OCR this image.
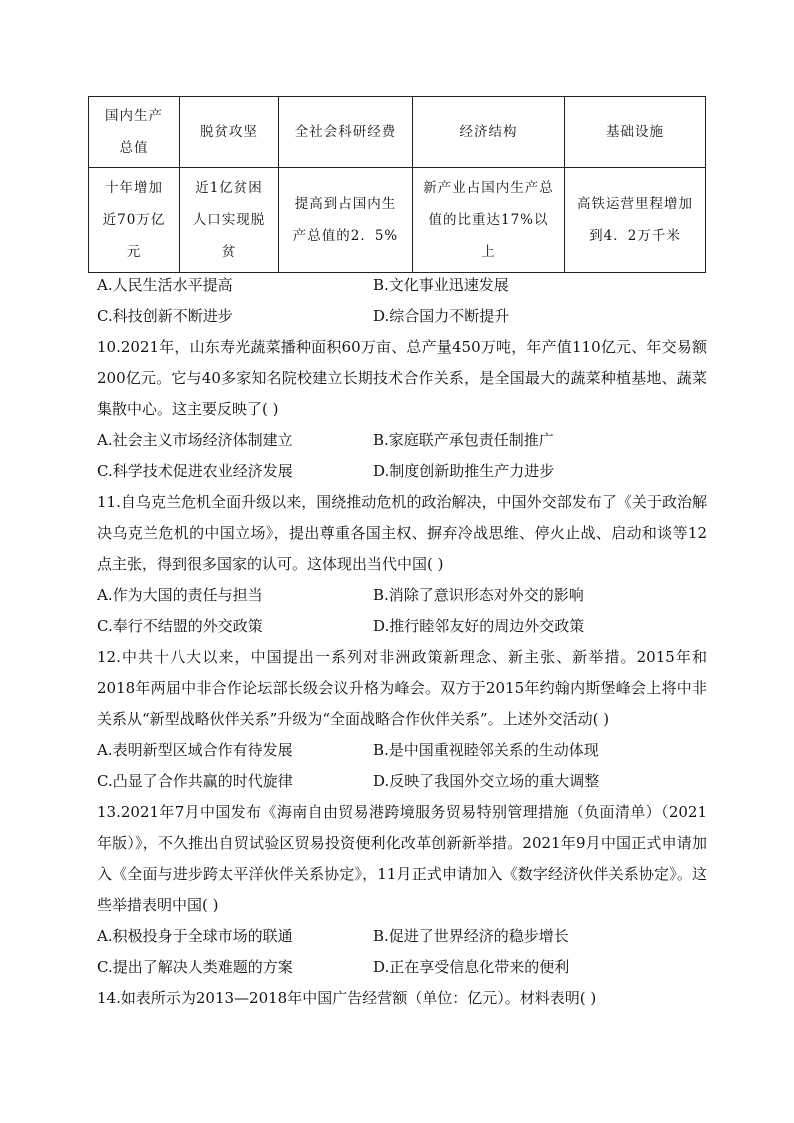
国内生产总值	脱贫攻坚	全社会科研经费	经济结构	基础设施
十年增加近70万亿元	近1亿贫困人口实现脱贫	提高到占国内生产总值的2．5%	新产业占国内生产总值的比重达17%以上	高铁运营里程增加到4．2万千米
A.人民生活水平提高	B.文化事业迅速发展
C.科技创新不断进步	D.综合国力不断提升
10.2021年，山东寿光蔬菜播种面积60万亩、总产量450万吨，年产值110亿元、年交易额200亿元。它与40多家知名院校建立长期技术合作关系，是全国最大的蔬菜种植基地、蔬菜集散中心。这主要反映了( )
A.社会主义市场经济体制建立	B.家庭联产承包责任制推广
C.科学技术促进农业经济发展	D.制度创新助推生产力进步
11.自乌克兰危机全面升级以来，围绕推动危机的政治解决，中国外交部发布了《关于政治解决乌克兰危机的中国立场》，提出尊重各国主权、摒弃冷战思维、停火止战、启动和谈等12点主张，得到很多国家的认可。这体现出当代中国( )
A.作为大国的责任与担当	B.消除了意识形态对外交的影响
C.奉行不结盟的外交政策	D.推行睦邻友好的周边外交政策
12.中共十八大以来，中国提出一系列对非洲政策新理念、新主张、新举措。2015年和2018年两届中非合作论坛部长级会议升格为峰会。双方于2015年约翰内斯堡峰会上将中非关系从“新型战略伙伴关系”升级为“全面战略合作伙伴关系”。上述外交活动( )
A.表明新型区域合作有待发展	B.是中国重视睦邻关系的生动体现
C.凸显了合作共赢的时代旋律	D.反映了我国外交立场的重大调整
13.2021年7月中国发布《海南自由贸易港跨境服务贸易特别管理措施（负面清单）（2021年版）》，不久推出自贸试验区贸易投资便利化改革创新新举措。2021年9月中国正式申请加入《全面与进步跨太平洋伙伴关系协定》，11月正式申请加入《数字经济伙伴关系协定》。这些举措表明中国( )
A.积极投身于全球市场的联通	B.促进了世界经济的稳步增长
C.提出了解决人类难题的方案	D.正在享受信息化带来的便利
14.如表所示为2013—2018年中国广告经营额（单位：亿元）。材料表明( )
